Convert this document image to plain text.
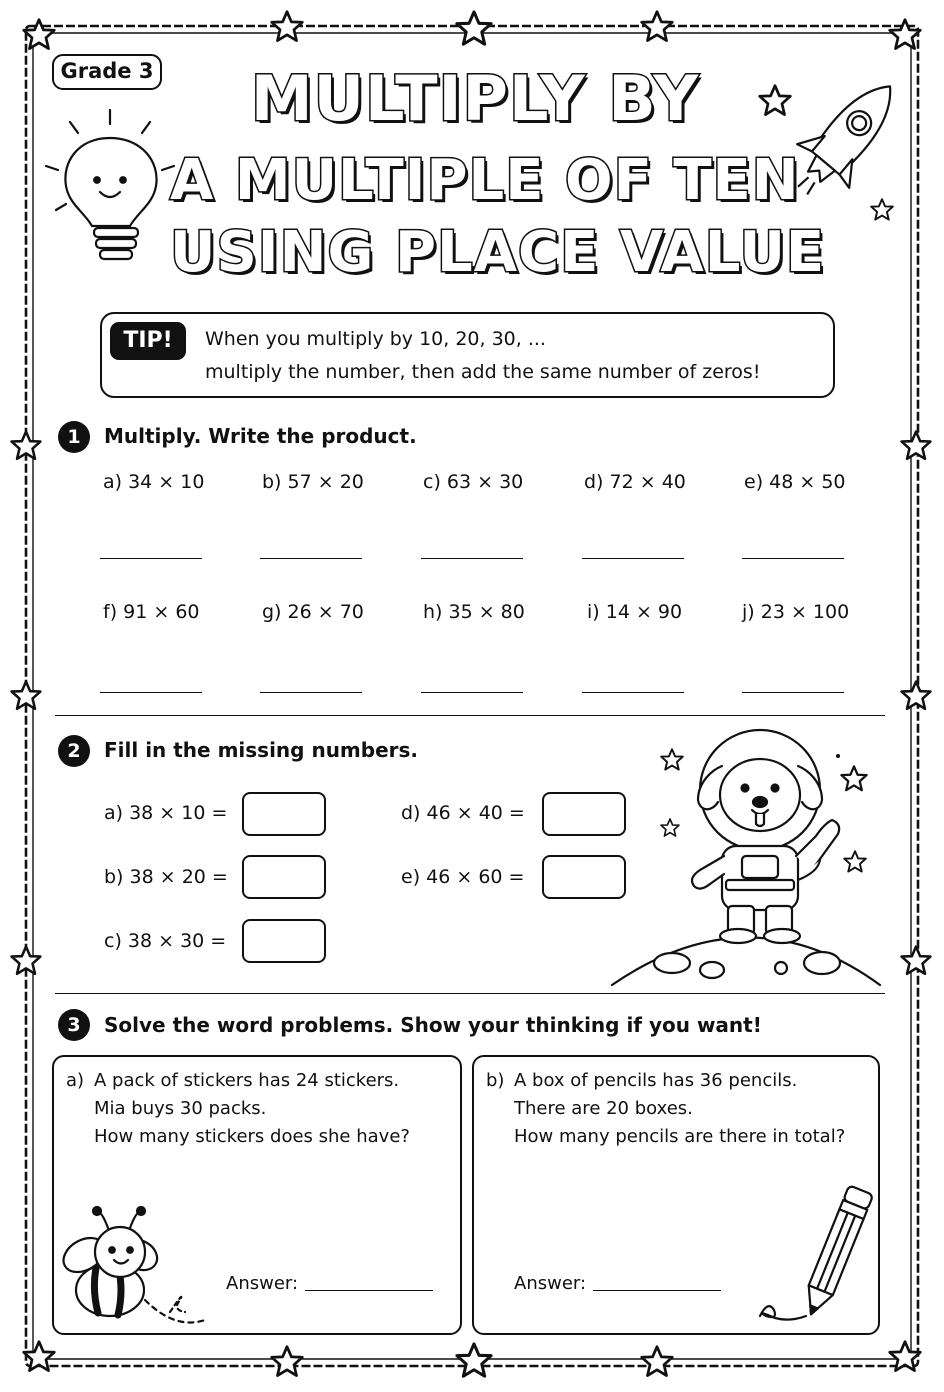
Grade 3	MULTIPLY BY
A MULTIPLE OF TEN
USING PLACE VALUE
TIP!	When you multiply by 10, 20, 30, ...
multiply the number, then add the same number of zeros!
1	Multiply. Write the product.
a) 34 × 10	b) 57 × 20	c) 63 × 30	d) 72 × 40	e) 48 × 50
f) 91 × 60	g) 26 × 70	h) 35 × 80	i) 14 × 90	j) 23 × 100
2	Fill in the missing numbers.
a) 38 × 10 =
b) 38 × 20 =
c) 38 × 30 =
d) 46 × 40 =
e) 46 × 60 =
3	Solve the word problems. Show your thinking if you want!
a) A pack of stickers has 24 stickers.
Mia buys 30 packs.
How many stickers does she have?
Answer:
b) A box of pencils has 36 pencils.
There are 20 boxes.
How many pencils are there in total?
Answer:
